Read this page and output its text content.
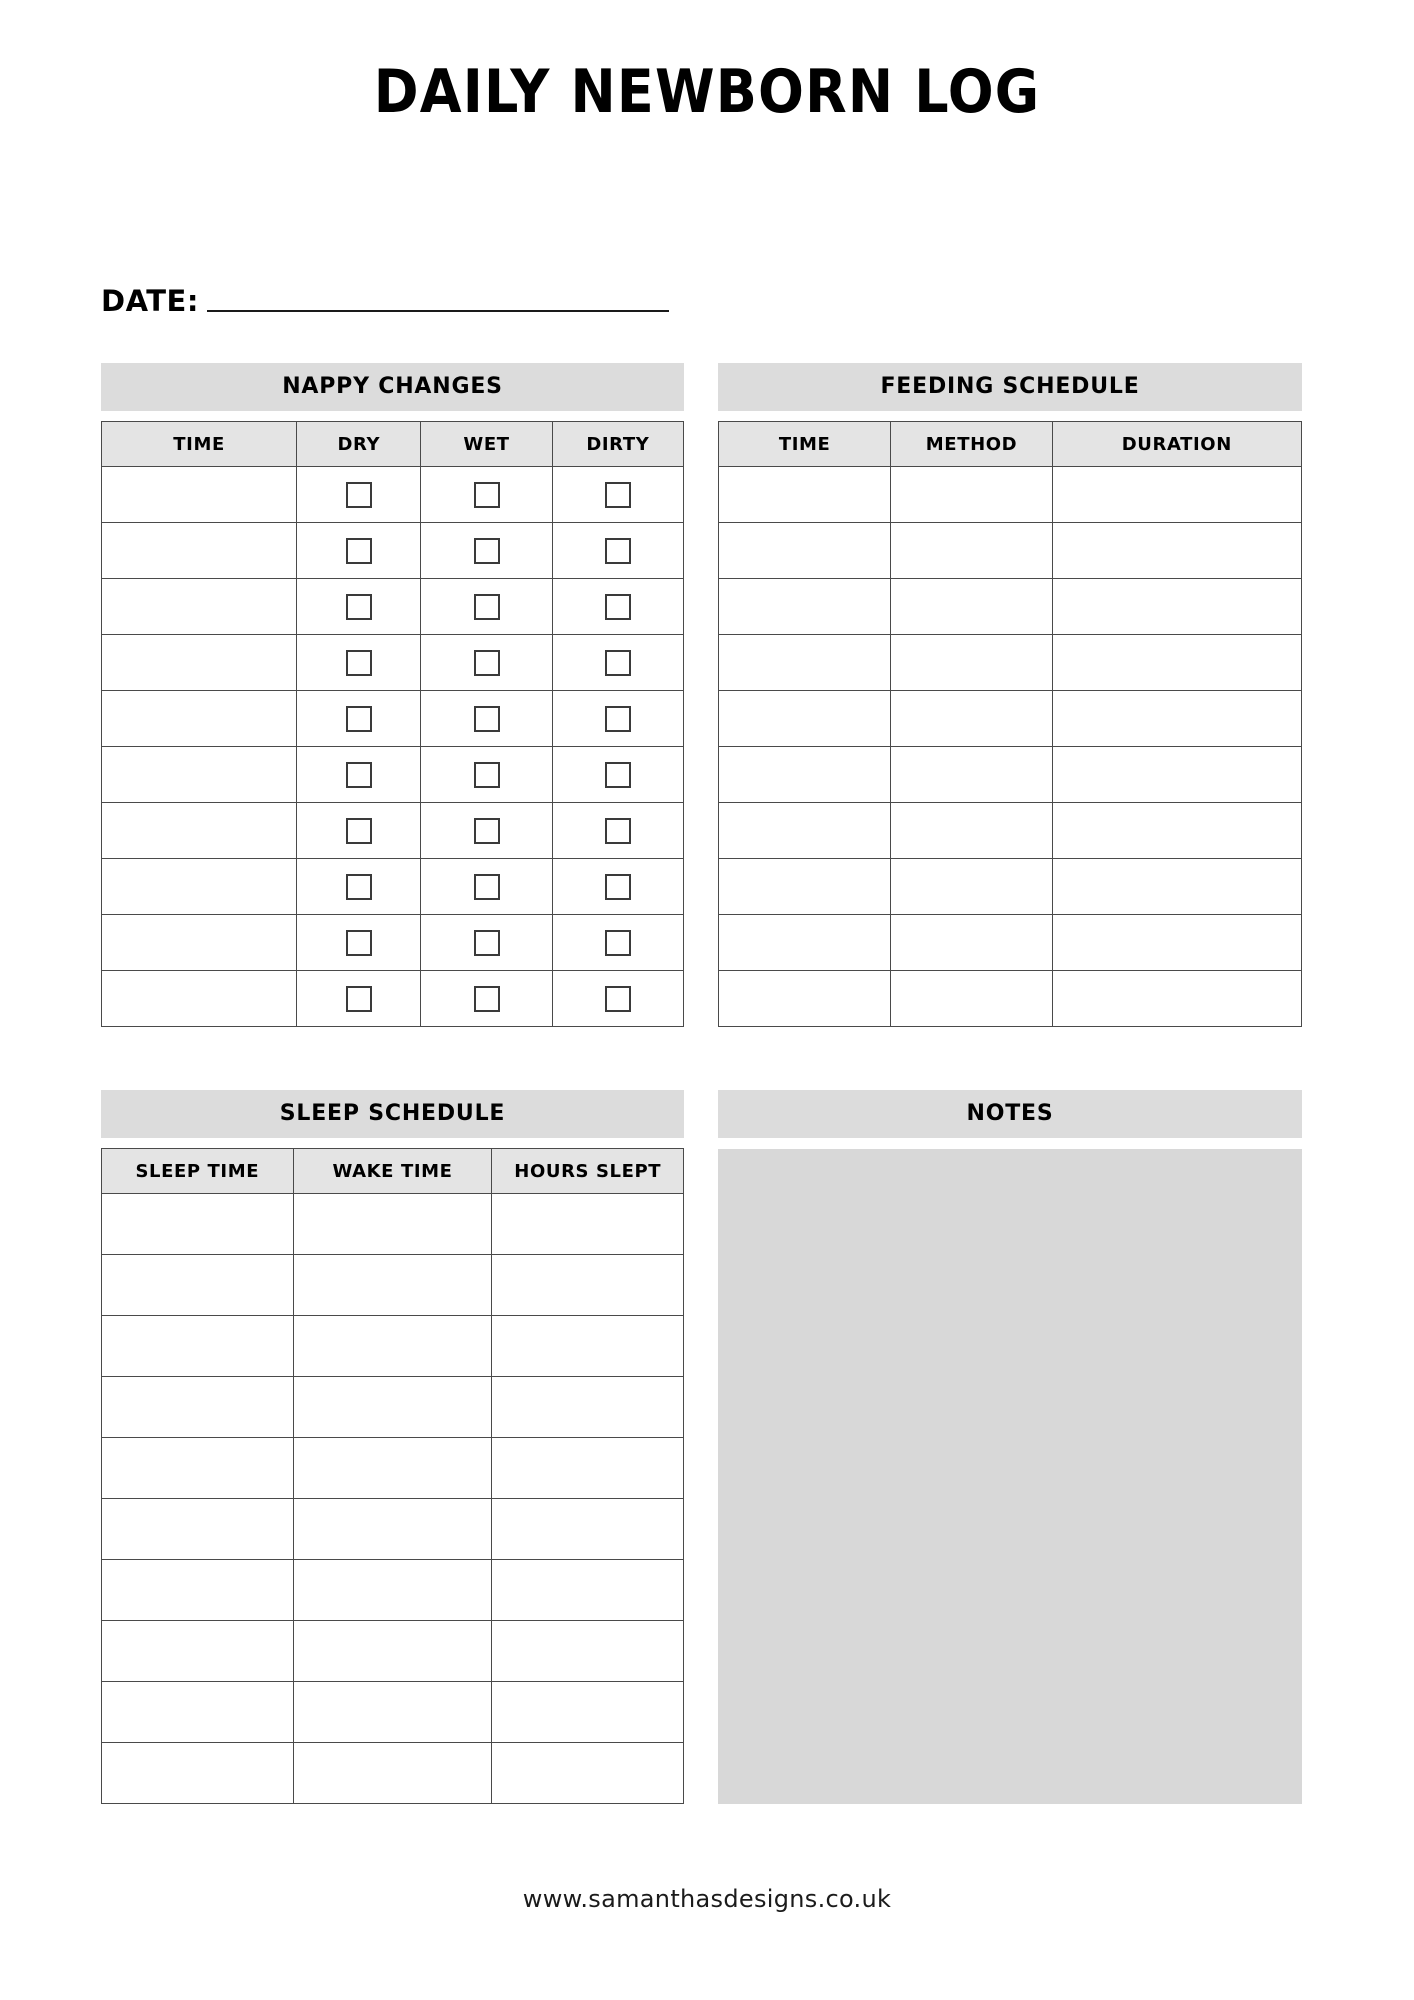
DAILY NEWBORN LOG
DATE:
NAPPY CHANGES
TIME	DRY	WET	DIRTY

FEEDING SCHEDULE
TIME	METHOD	DURATION

SLEEP SCHEDULE
SLEEP TIME	WAKE TIME	HOURS SLEPT

NOTES
www.samanthasdesigns.co.uk
